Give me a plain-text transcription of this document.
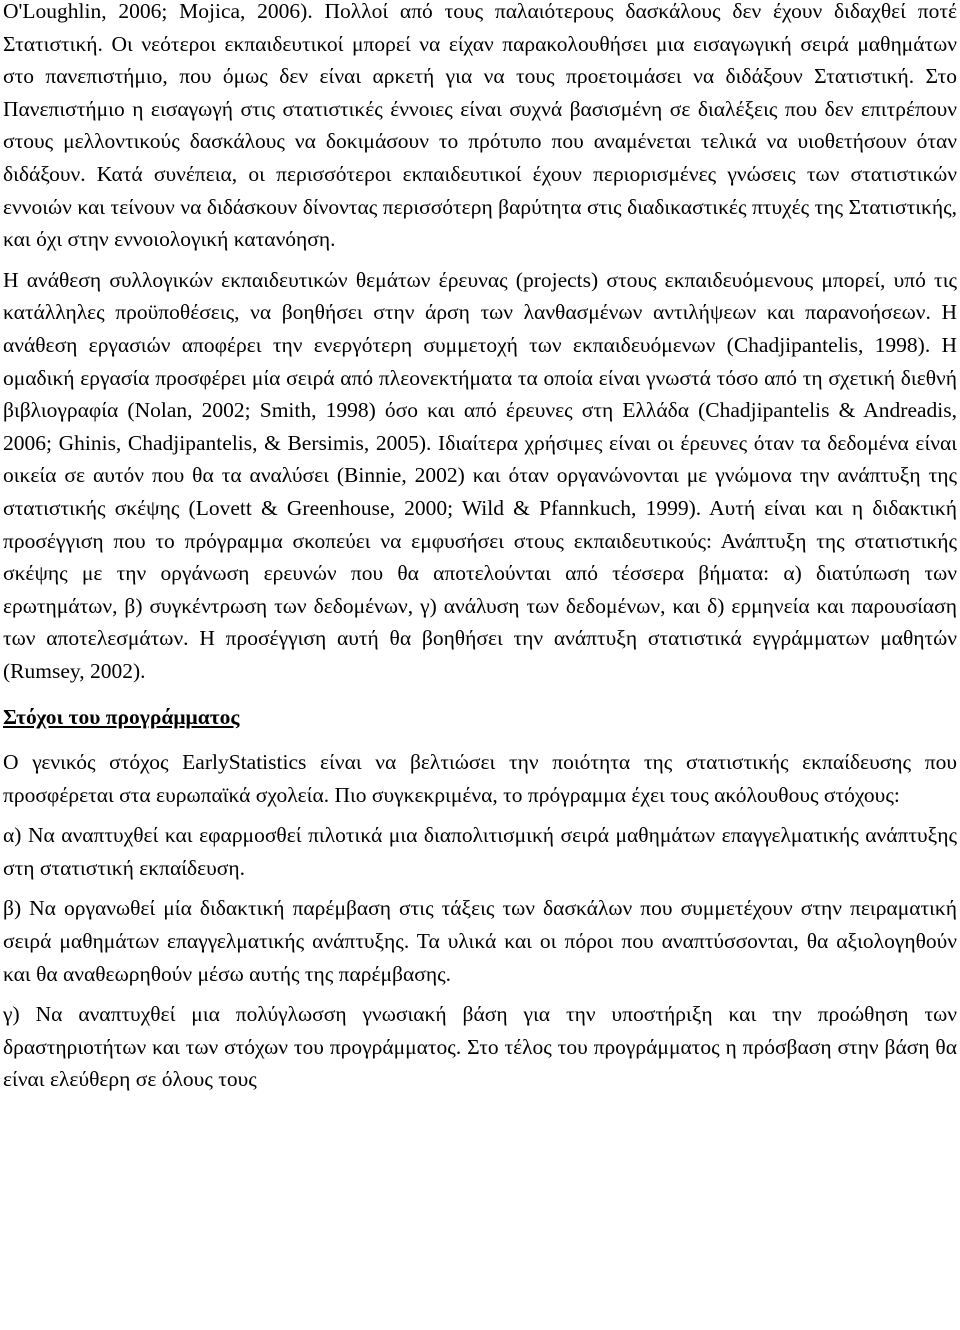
O'Loughlin, 2006; Mojica, 2006). Πολλοί από τους παλαιότερους δασκάλους δεν έχουν διδαχθεί ποτέ Στατιστική. Οι νεότεροι εκπαιδευτικοί μπορεί να είχαν παρακολουθήσει μια εισαγωγική σειρά μαθημάτων στο πανεπιστήμιο, που όμως δεν είναι αρκετή για να τους προετοιμάσει να διδάξουν Στατιστική. Στο Πανεπιστήμιο η εισαγωγή στις στατιστικές έννοιες είναι συχνά βασισμένη σε διαλέξεις που δεν επιτρέπουν στους μελλοντικούς δασκάλους να δοκιμάσουν το πρότυπο που αναμένεται τελικά να υιοθετήσουν όταν διδάξουν. Κατά συνέπεια, οι περισσότεροι εκπαιδευτικοί έχουν περιορισμένες γνώσεις των στατιστικών εννοιών και τείνουν να διδάσκουν δίνοντας περισσότερη βαρύτητα στις διαδικαστικές πτυχές της Στατιστικής, και όχι στην εννοιολογική κατανόηση.

Η ανάθεση συλλογικών εκπαιδευτικών θεμάτων έρευνας (projects) στους εκπαιδευόμενους μπορεί, υπό τις κατάλληλες προϋποθέσεις, να βοηθήσει στην άρση των λανθασμένων αντιλήψεων και παρανοήσεων. Η ανάθεση εργασιών αποφέρει την ενεργότερη συμμετοχή των εκπαιδευόμενων (Chadjipantelis, 1998). Η ομαδική εργασία προσφέρει μία σειρά από πλεονεκτήματα τα οποία είναι γνωστά τόσο από τη σχετική διεθνή βιβλιογραφία (Nolan, 2002; Smith, 1998) όσο και από έρευνες στη Ελλάδα (Chadjipantelis & Andreadis, 2006; Ghinis, Chadjipantelis, & Bersimis, 2005). Ιδιαίτερα χρήσιμες είναι οι έρευνες όταν τα δεδομένα είναι οικεία σε αυτόν που θα τα αναλύσει (Binnie, 2002) και όταν οργανώνονται με γνώμονα την ανάπτυξη της στατιστικής σκέψης (Lovett & Greenhouse, 2000; Wild & Pfannkuch, 1999). Αυτή είναι και η διδακτική προσέγγιση που το πρόγραμμα σκοπεύει να εμφυσήσει στους εκπαιδευτικούς: Ανάπτυξη της στατιστικής σκέψης με την οργάνωση ερευνών που θα αποτελούνται από τέσσερα βήματα: α) διατύπωση των ερωτημάτων, β) συγκέντρωση των δεδομένων, γ) ανάλυση των δεδομένων, και δ) ερμηνεία και παρουσίαση των αποτελεσμάτων. Η προσέγγιση αυτή θα βοηθήσει την ανάπτυξη στατιστικά εγγράμματων μαθητών (Rumsey, 2002).

Στόχοι του προγράμματος

Ο γενικός στόχος EarlyStatistics είναι να βελτιώσει την ποιότητα της στατιστικής εκπαίδευσης που προσφέρεται στα ευρωπαϊκά σχολεία. Πιο συγκεκριμένα, το πρόγραμμα έχει τους ακόλουθους στόχους:

α) Να αναπτυχθεί και εφαρμοσθεί πιλοτικά μια διαπολιτισμική σειρά μαθημάτων επαγγελματικής ανάπτυξης στη στατιστική εκπαίδευση.

β) Να οργανωθεί μία διδακτική παρέμβαση στις τάξεις των δασκάλων που συμμετέχουν στην πειραματική σειρά μαθημάτων επαγγελματικής ανάπτυξης. Τα υλικά και οι πόροι που αναπτύσσονται, θα αξιολογηθούν και θα αναθεωρηθούν μέσω αυτής της παρέμβασης.

γ) Να αναπτυχθεί μια πολύγλωσση γνωσιακή βάση για την υποστήριξη και την προώθηση των δραστηριοτήτων και των στόχων του προγράμματος. Στο τέλος του προγράμματος η πρόσβαση στην βάση θα είναι ελεύθερη σε όλους τους
